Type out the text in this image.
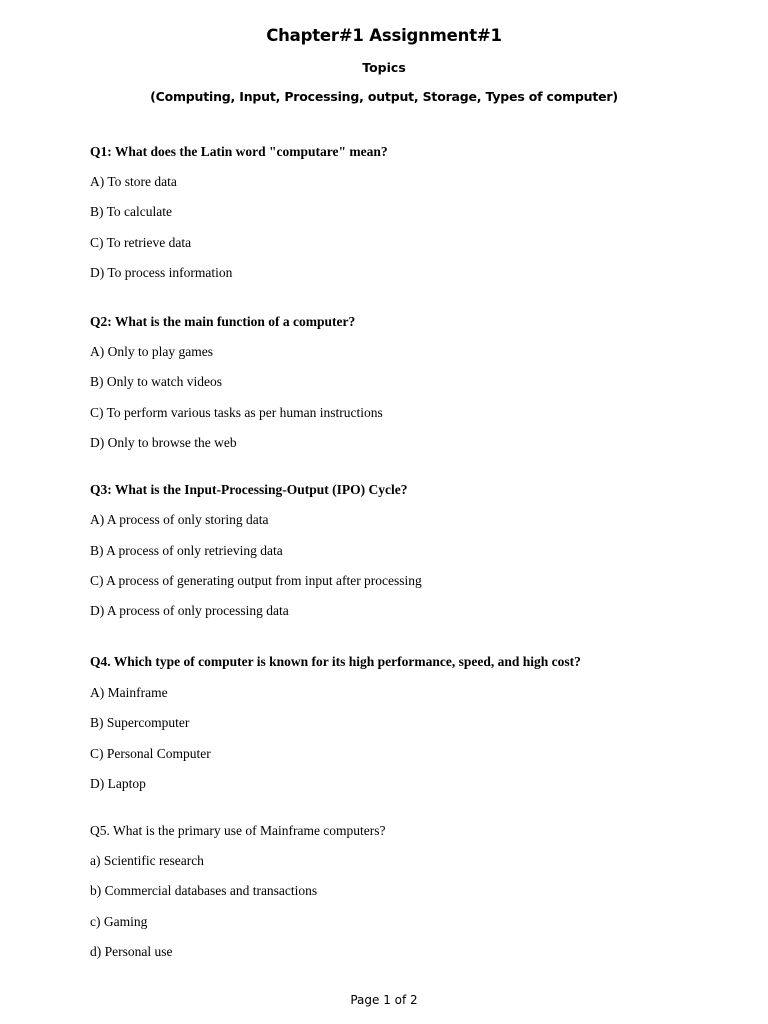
Chapter#1 Assignment#1
Topics
(Computing, Input, Processing, output, Storage, Types of computer)
Q1: What does the Latin word "computare" mean?
A) To store data
B) To calculate
C) To retrieve data
D) To process information
Q2: What is the main function of a computer?
A) Only to play games
B) Only to watch videos
C) To perform various tasks as per human instructions
D) Only to browse the web
Q3: What is the Input-Processing-Output (IPO) Cycle?
A) A process of only storing data
B) A process of only retrieving data
C) A process of generating output from input after processing
D) A process of only processing data
Q4. Which type of computer is known for its high performance, speed, and high cost?
A) Mainframe
B) Supercomputer
C) Personal Computer
D) Laptop
Q5. What is the primary use of Mainframe computers?
a) Scientific research
b) Commercial databases and transactions
c) Gaming
d) Personal use
Page 1 of 2
